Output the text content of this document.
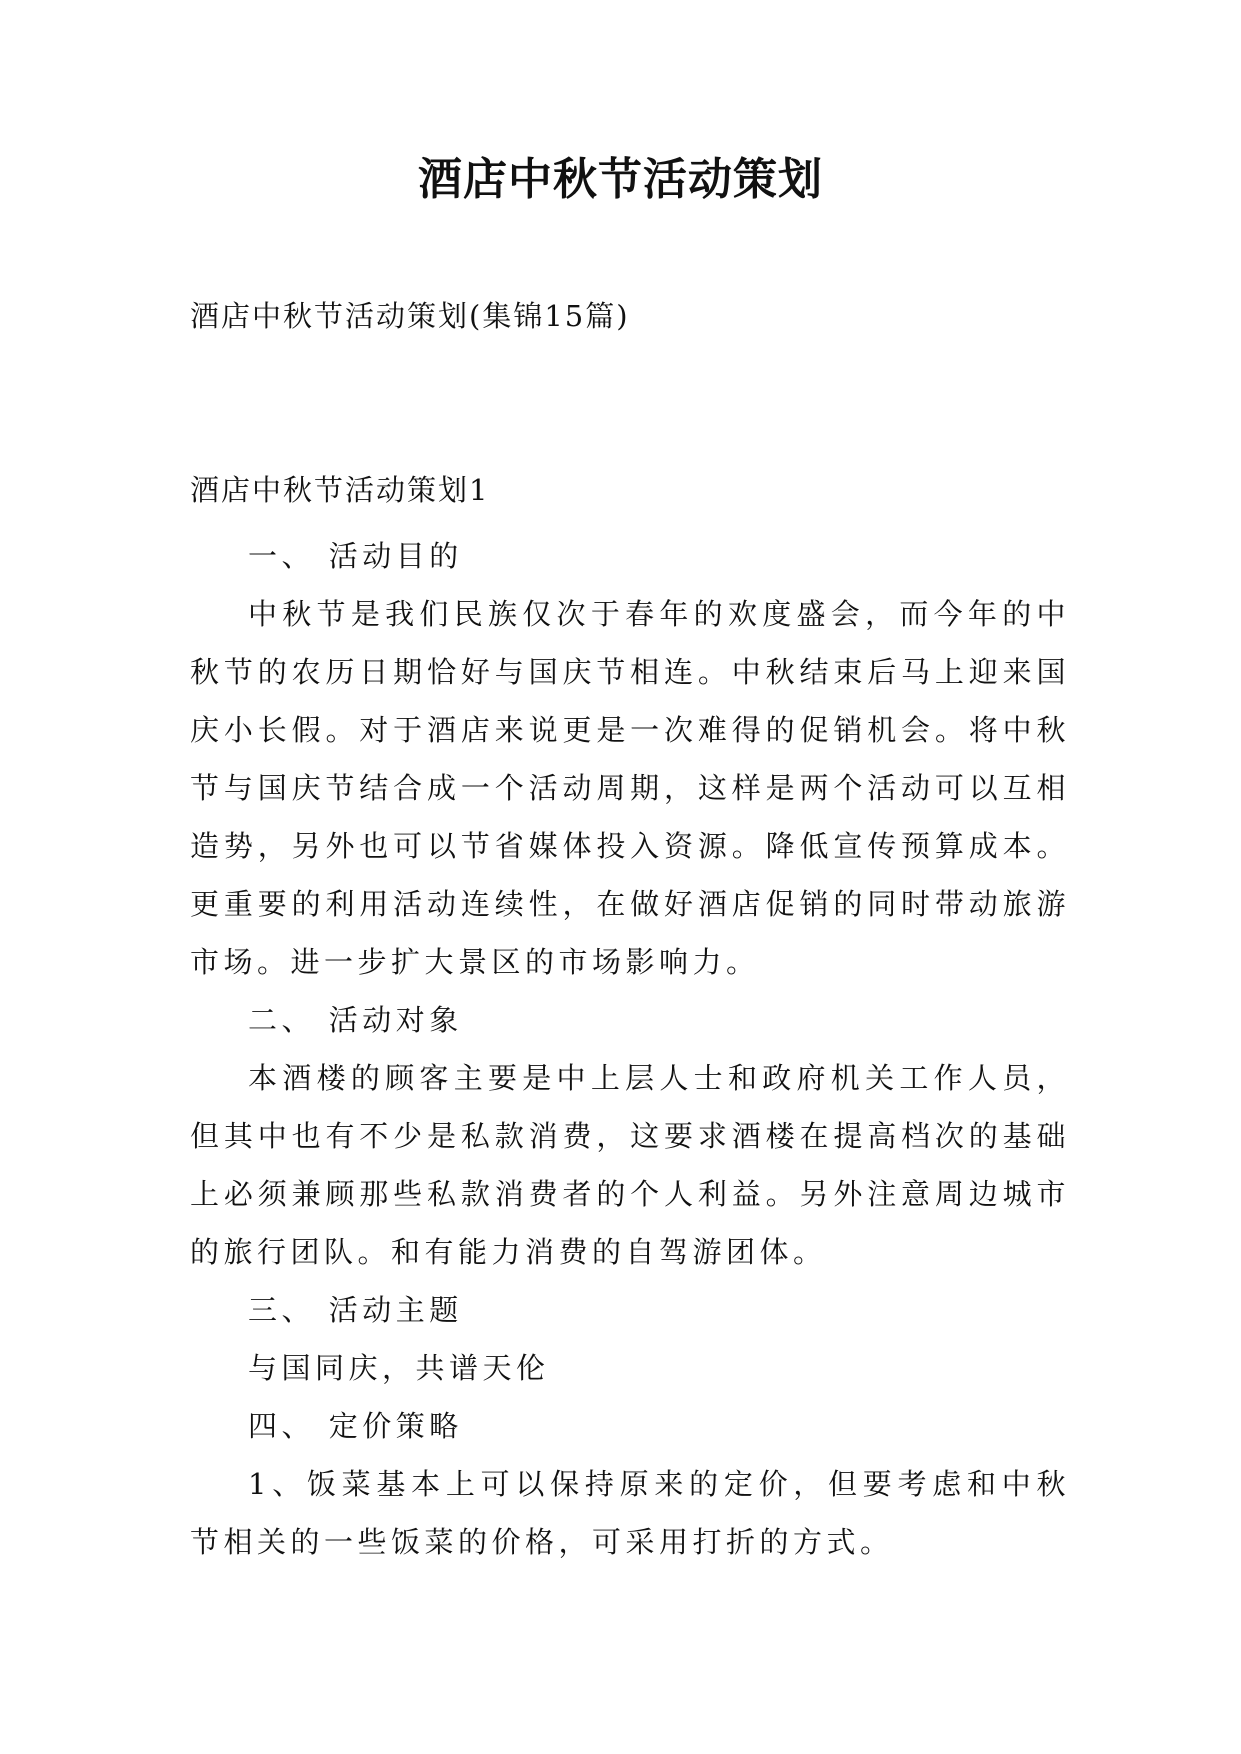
酒店中秋节活动策划
酒店中秋节活动策划(集锦15篇)
酒店中秋节活动策划1

一、 活动目的

中秋节是我们民族仅次于春年的欢度盛会，而今年的中秋节的农历日期恰好与国庆节相连。中秋结束后马上迎来国庆小长假。对于酒店来说更是一次难得的促销机会。将中秋节与国庆节结合成一个活动周期，这样是两个活动可以互相造势，另外也可以节省媒体投入资源。降低宣传预算成本。更重要的利用活动连续性，在做好酒店促销的同时带动旅游市场。进一步扩大景区的市场影响力。

二、 活动对象

本酒楼的顾客主要是中上层人士和政府机关工作人员，但其中也有不少是私款消费，这要求酒楼在提高档次的基础上必须兼顾那些私款消费者的个人利益。另外注意周边城市的旅行团队。和有能力消费的自驾游团体。

三、 活动主题

与国同庆，共谱天伦

四、 定价策略

1、饭菜基本上可以保持原来的定价，但要考虑和中秋节相关的一些饭菜的价格，可采用打折的方式。
